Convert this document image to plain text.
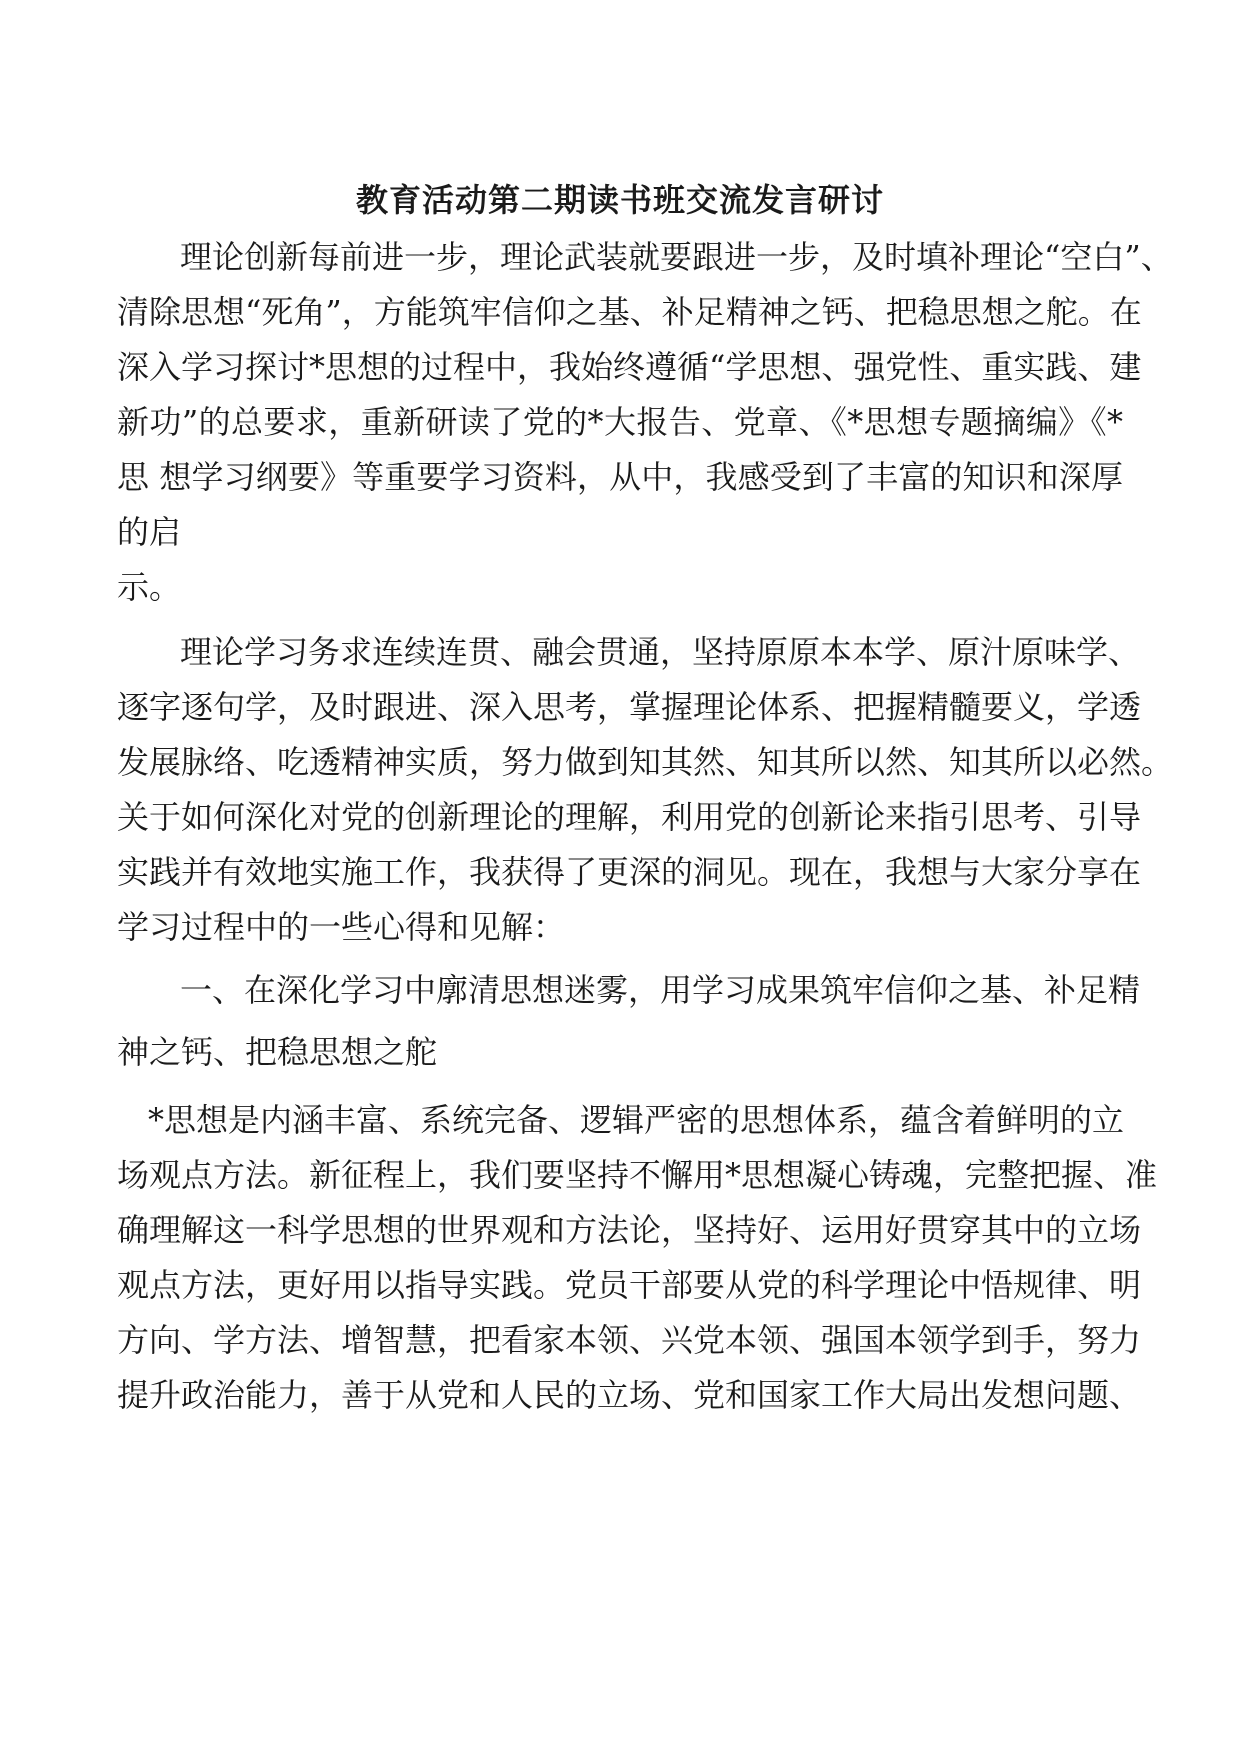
教育活动第二期读书班交流发言研讨
理论创新每前进一步，理论武装就要跟进一步，及时填补理论“空白”、
清除思想“死角”，方能筑牢信仰之基、补足精神之钙、把稳思想之舵。在
深入学习探讨*思想的过程中，我始终遵循“学思想、强党性、重实践、建
新功”的总要求，重新研读了党的*大报告、党章、《*思想专题摘编》《*
思 想学习纲要》等重要学习资料，从中，我感受到了丰富的知识和深厚
的启
示。
理论学习务求连续连贯、融会贯通，坚持原原本本学、原汁原味学、
逐字逐句学，及时跟进、深入思考，掌握理论体系、把握精髓要义，学透
发展脉络、吃透精神实质，努力做到知其然、知其所以然、知其所以必然。
关于如何深化对党的创新理论的理解，利用党的创新论来指引思考、引导
实践并有效地实施工作，我获得了更深的洞见。现在，我想与大家分享在
学习过程中的一些心得和见解：
一、在深化学习中廓清思想迷雾，用学习成果筑牢信仰之基、补足精
神之钙、把稳思想之舵
*思想是内涵丰富、系统完备、逻辑严密的思想体系，蕴含着鲜明的立
场观点方法。新征程上，我们要坚持不懈用*思想凝心铸魂，完整把握、准
确理解这一科学思想的世界观和方法论，坚持好、运用好贯穿其中的立场
观点方法，更好用以指导实践。党员干部要从党的科学理论中悟规律、明
方向、学方法、增智慧，把看家本领、兴党本领、强国本领学到手，努力
提升政治能力，善于从党和人民的立场、党和国家工作大局出发想问题、
